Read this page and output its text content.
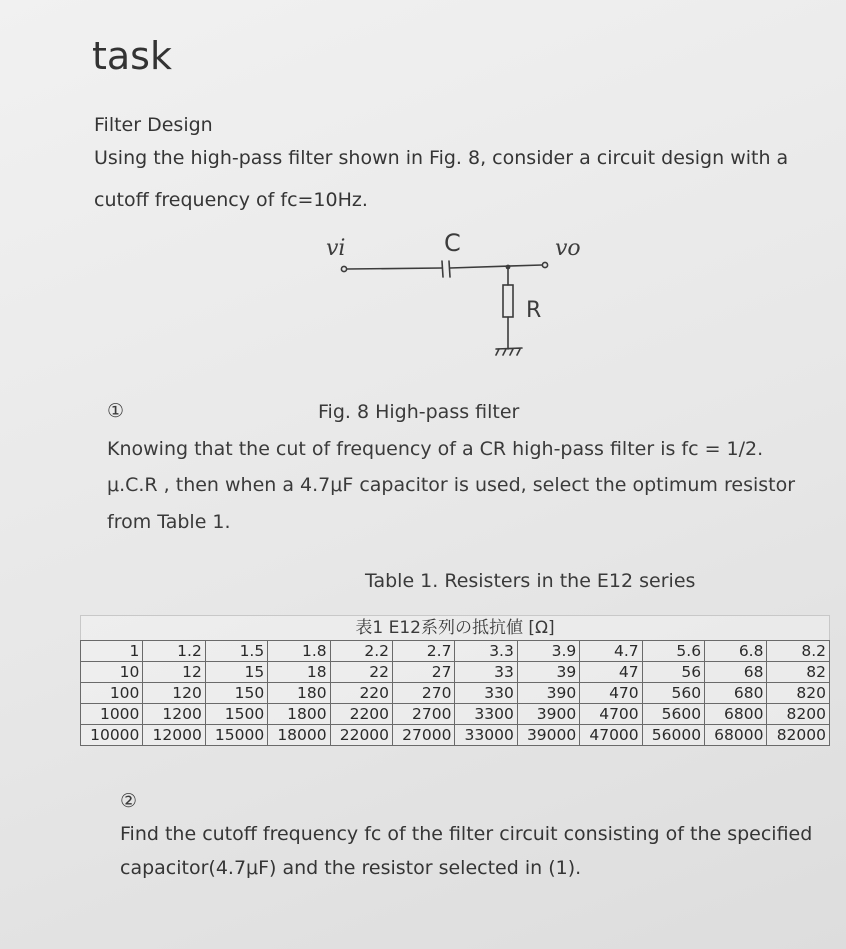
task
Filter Design
Using the high-pass filter shown in Fig. 8, consider a circuit design with a
cutoff frequency of fc=10Hz.
vi	C	vo
R
①	Fig. 8 High-pass filter
Knowing that the cut of frequency of a CR high-pass filter is fc = 1/2.
μ.C.R , then when a 4.7μF capacitor is used, select the optimum resistor
from Table 1.
Table 1. Resisters in the E12 series
表1 E12系列の抵抗値 [Ω]
1	1.2	1.5	1.8	2.2	2.7	3.3	3.9	4.7	5.6	6.8	8.2
10	12	15	18	22	27	33	39	47	56	68	82
100	120	150	180	220	270	330	390	470	560	680	820
1000	1200	1500	1800	2200	2700	3300	3900	4700	5600	6800	8200
10000	12000	15000	18000	22000	27000	33000	39000	47000	56000	68000	82000
②
Find the cutoff frequency fc of the filter circuit consisting of the specified
capacitor(4.7μF) and the resistor selected in (1).
